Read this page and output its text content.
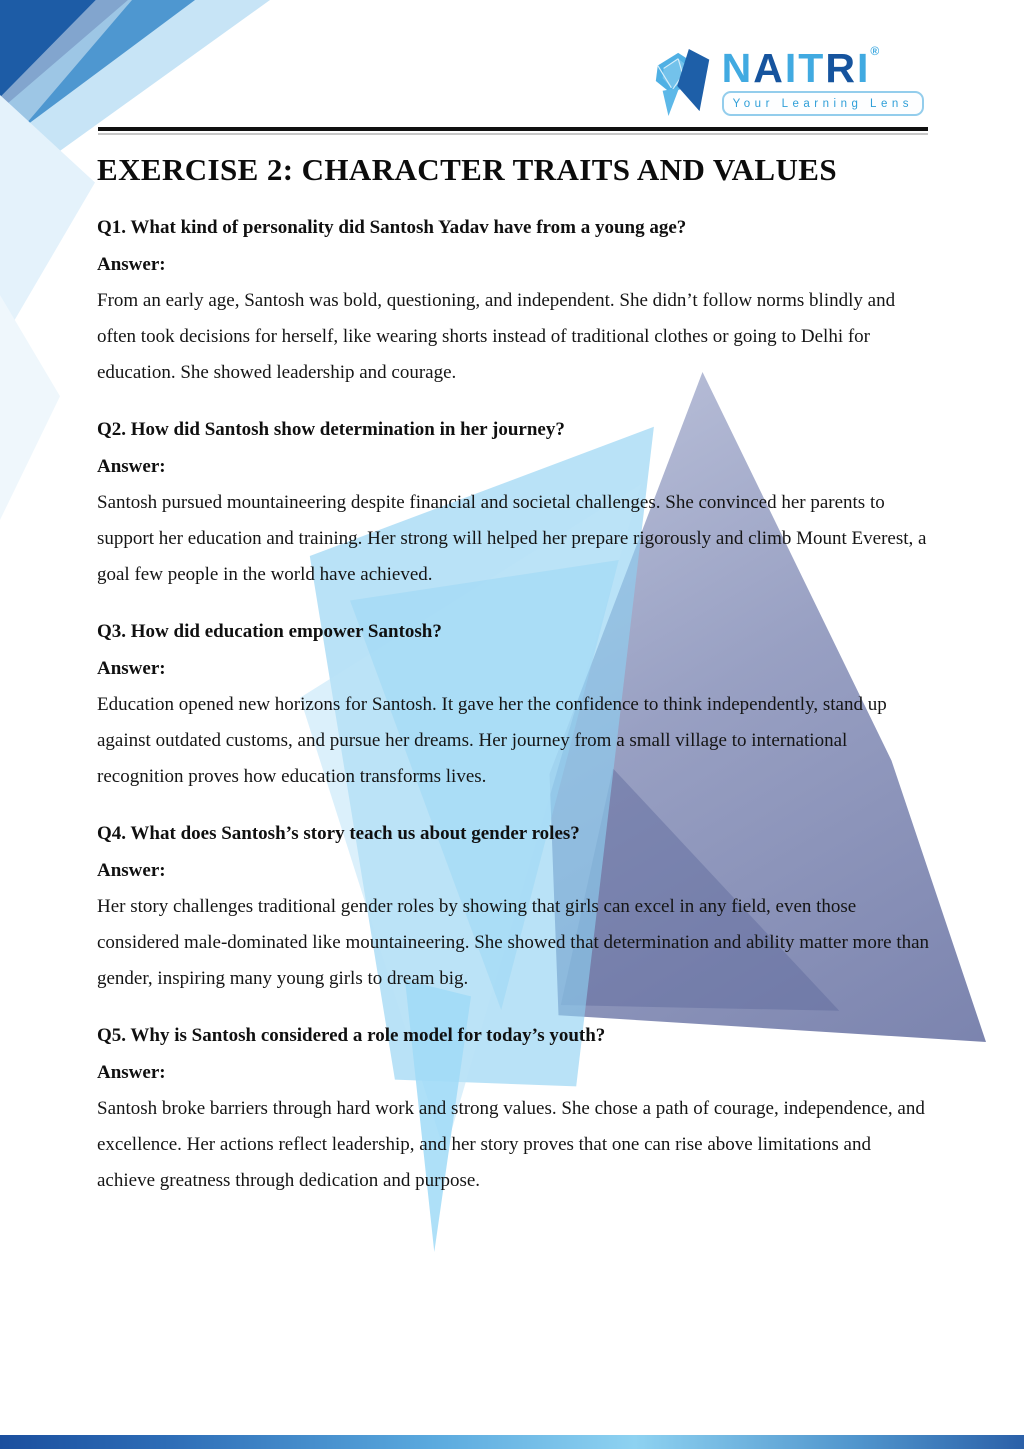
NAITRI®
Your Learning Lens
EXERCISE 2: CHARACTER TRAITS AND VALUES
Q1. What kind of personality did Santosh Yadav have from a young age?

Answer:

From an early age, Santosh was bold, questioning, and independent. She didn’t follow norms blindly and often took decisions for herself, like wearing shorts instead of traditional clothes or going to Delhi for education. She showed leadership and courage.

Q2. How did Santosh show determination in her journey?

Answer:

Santosh pursued mountaineering despite financial and societal challenges. She convinced her parents to support her education and training. Her strong will helped her prepare rigorously and climb Mount Everest, a goal few people in the world have achieved.

Q3. How did education empower Santosh?

Answer:

Education opened new horizons for Santosh. It gave her the confidence to think independently, stand up against outdated customs, and pursue her dreams. Her journey from a small village to international recognition proves how education transforms lives.

Q4. What does Santosh’s story teach us about gender roles?

Answer:

Her story challenges traditional gender roles by showing that girls can excel in any field, even those considered male-dominated like mountaineering. She showed that determination and ability matter more than gender, inspiring many young girls to dream big.

Q5. Why is Santosh considered a role model for today’s youth?

Answer:

Santosh broke barriers through hard work and strong values. She chose a path of courage, independence, and excellence. Her actions reflect leadership, and her story proves that one can rise above limitations and achieve greatness through dedication and purpose.
